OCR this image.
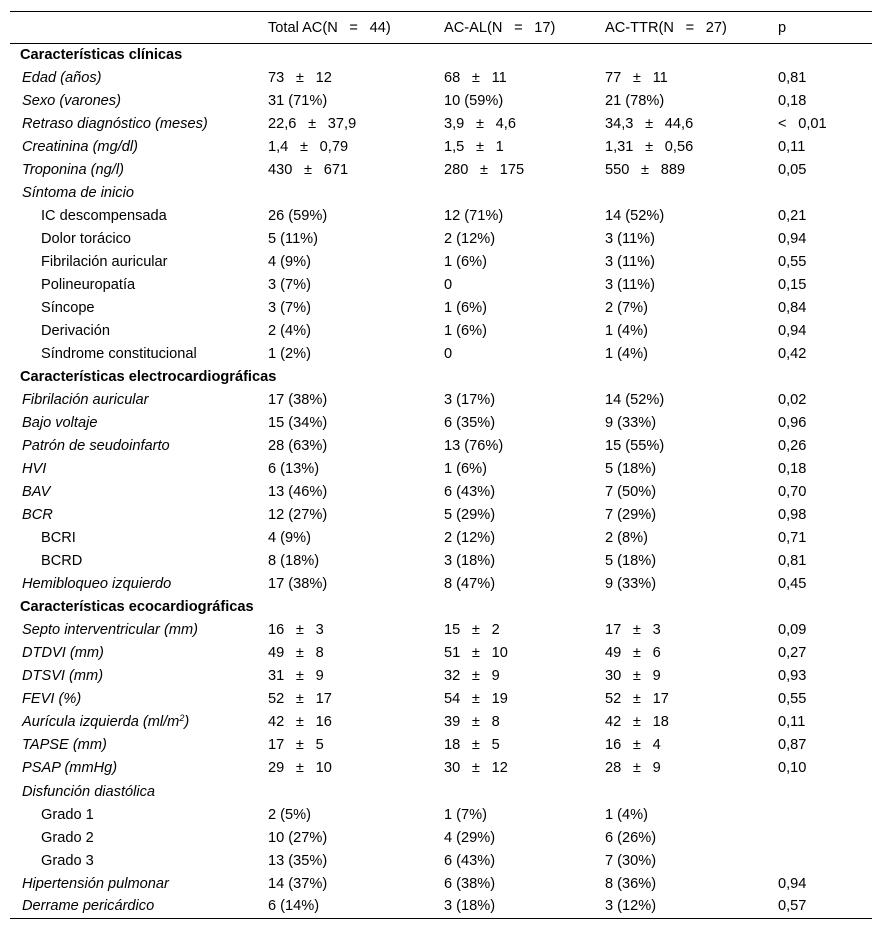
	Total AC(N    =    44)	AC-AL(N    =    17)	AC-TTR(N    =    27)	p
Características clínicas				
Edad (años)	73    ±    12	68    ±    11	77    ±    11	0,81
Sexo (varones)	31 (71%)	10 (59%)	21 (78%)	0,18
Retraso diagnóstico (meses)	22,6    ±    37,9	3,9    ±    4,6	34,3    ±    44,6	<    0,01
Creatinina (mg/dl)	1,4    ±    0,79	1,5    ±    1	1,31    ±    0,56	0,11
Troponina (ng/l)	430    ±    671	280    ±    175	550    ±    889	0,05
Síntoma de inicio				
IC descompensada	26 (59%)	12 (71%)	14 (52%)	0,21
Dolor torácico	5 (11%)	2 (12%)	3 (11%)	0,94
Fibrilación auricular	4 (9%)	1 (6%)	3 (11%)	0,55
Polineuropatía	3 (7%)	0	3 (11%)	0,15
Síncope	3 (7%)	1 (6%)	2 (7%)	0,84
Derivación	2 (4%)	1 (6%)	1 (4%)	0,94
Síndrome constitucional	1 (2%)	0	1 (4%)	0,42
Características electrocardiográficas				
Fibrilación auricular	17 (38%)	3 (17%)	14 (52%)	0,02
Bajo voltaje	15 (34%)	6 (35%)	9 (33%)	0,96
Patrón de seudoinfarto	28 (63%)	13 (76%)	15 (55%)	0,26
HVI	6 (13%)	1 (6%)	5 (18%)	0,18
BAV	13 (46%)	6 (43%)	7 (50%)	0,70
BCR	12 (27%)	5 (29%)	7 (29%)	0,98
BCRI	4 (9%)	2 (12%)	2 (8%)	0,71
BCRD	8 (18%)	3 (18%)	5 (18%)	0,81
Hemibloqueo izquierdo	17 (38%)	8 (47%)	9 (33%)	0,45
Características ecocardiográficas				
Septo interventricular (mm)	16    ±    3	15    ±    2	17    ±    3	0,09
DTDVI (mm)	49    ±    8	51    ±    10	49    ±    6	0,27
DTSVI (mm)	31    ±    9	32    ±    9	30    ±    9	0,93
FEVI (%)	52    ±    17	54    ±    19	52    ±    17	0,55
Aurícula izquierda $(ml/m^2)$	42    ±    16	39    ±    8	42    ±    18	0,11
TAPSE (mm)	17    ±    5	18    ±    5	16    ±    4	0,87
PSAP (mmHg)	29    ±    10	30    ±    12	28    ±    9	0,10
Disfunción diastólica				
Grado 1	2 (5%)	1 (7%)	1 (4%)	
Grado 2	10 (27%)	4 (29%)	6 (26%)	
Grado 3	13 (35%)	6 (43%)	7 (30%)	
Hipertensión pulmonar	14 (37%)	6 (38%)	8 (36%)	0,94
Derrame pericárdico	6 (14%)	3 (18%)	3 (12%)	0,57
